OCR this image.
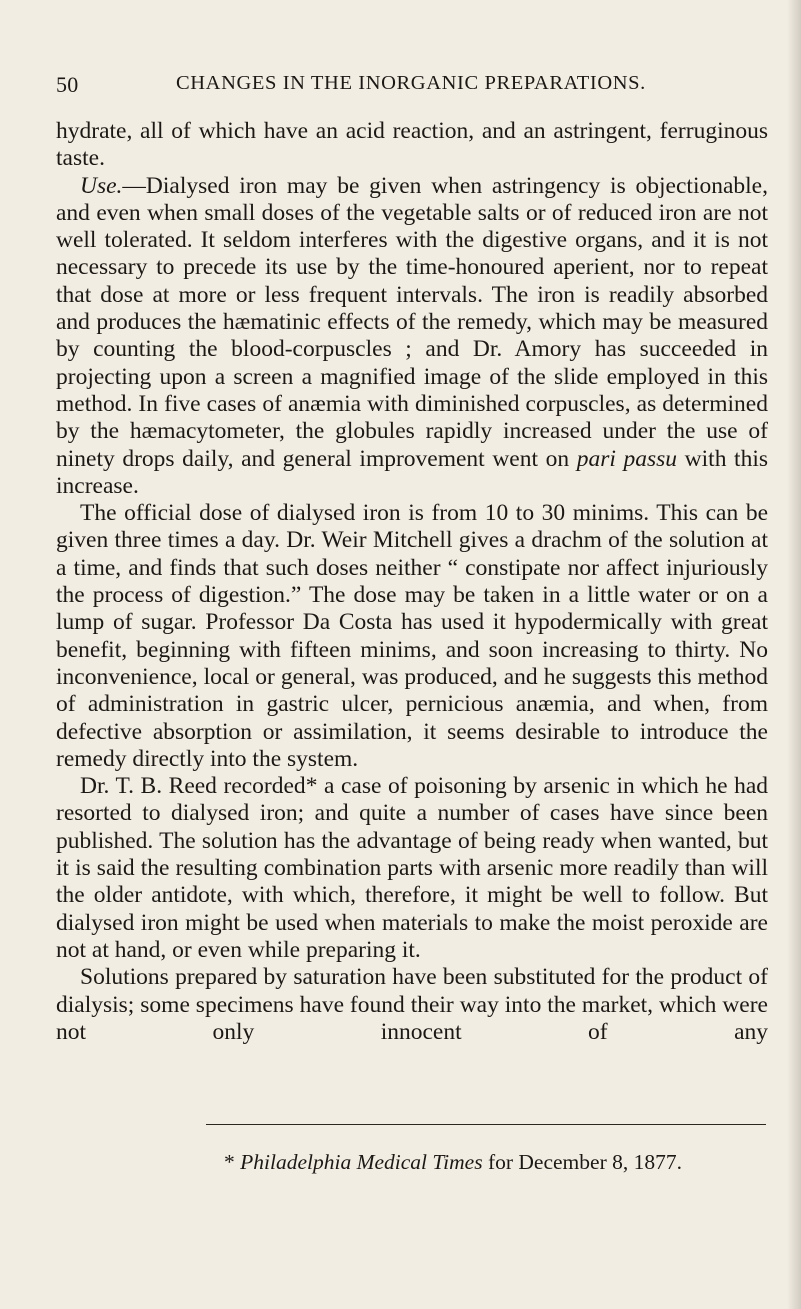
50	CHANGES IN THE INORGANIC PREPARATIONS.

hydrate, all of which have an acid reaction, and an astringent, ferruginous taste.

Use.—Dialysed iron may be given when astringency is objectionable, and even when small doses of the vegetable salts or of reduced iron are not well tolerated. It seldom interferes with the digestive organs, and it is not necessary to precede its use by the time-honoured aperient, nor to repeat that dose at more or less frequent intervals. The iron is readily absorbed and produces the hæmatinic effects of the remedy, which may be measured by counting the blood-corpuscles ; and Dr. Amory has succeeded in projecting upon a screen a magnified image of the slide employed in this method. In five cases of anæmia with diminished corpuscles, as determined by the hæmacytometer, the globules rapidly increased under the use of ninety drops daily, and general improvement went on pari passu with this increase.

The official dose of dialysed iron is from 10 to 30 minims. This can be given three times a day. Dr. Weir Mitchell gives a drachm of the solution at a time, and finds that such doses neither “ constipate nor affect injuriously the process of digestion.” The dose may be taken in a little water or on a lump of sugar. Professor Da Costa has used it hypodermically with great benefit, beginning with fifteen minims, and soon increasing to thirty. No inconvenience, local or general, was produced, and he suggests this method of administration in gastric ulcer, pernicious anæmia, and when, from defective absorption or assimilation, it seems desirable to introduce the remedy directly into the system.

Dr. T. B. Reed recorded* a case of poisoning by arsenic in which he had resorted to dialysed iron; and quite a number of cases have since been published. The solution has the advantage of being ready when wanted, but it is said the resulting combination parts with arsenic more readily than will the older antidote, with which, therefore, it might be well to follow. But dialysed iron might be used when materials to make the moist peroxide are not at hand, or even while preparing it.

Solutions prepared by saturation have been substituted for the product of dialysis; some specimens have found their way into the market, which were not only innocent of any

* Philadelphia Medical Times for December 8, 1877.
